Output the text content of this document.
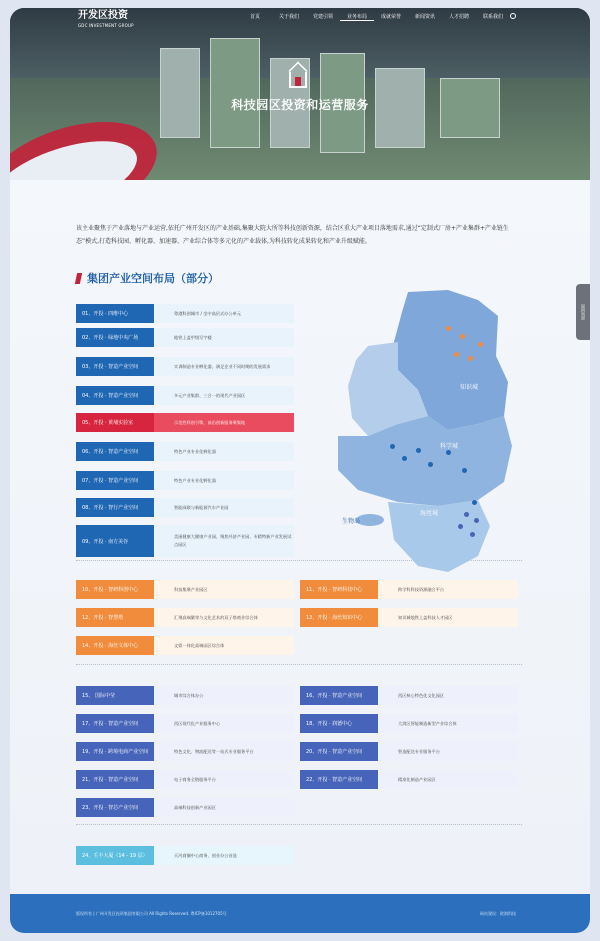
开发区投资
GDC INVESTMENT GROUP
首页	关于我们	党建引领	业务布局	成就荣誉	新闻资讯	人才招聘	联系我们
科技园区投资和运营服务

该主业聚焦于产业落地与产业运营,依托广州开发区的产业基础,集聚大院大所等科技创新资源，结合区重大产业项目落地需求,通过“定制式厂房+产业集群+产业链生态”模式,打造科技园、孵化器、加速器、产业综合体等多元化的产业载体,为科技转化成果转化和产业升级赋能。

集团产业空间布局（部分）
01、开投 · 四维中心	粤港科创城市 / 坐中高层式办公单元
02、开投 · 绿地中央广场	地铁上盖甲级写字楼
03、开投 · 智造产业空间	实训制造专业孵化器，满足企业不同时期的发展需求
04、开投 · 智造产业空间	多元产业集群、三合一的现代产业园区
05、开投 · 黄埔实验室	示范性科创引擎，前沿创新服务聚集地
06、开投 · 智造产业空间	特色产业专业化孵化器
07、开投 · 智造产业空间	特色产业专业化孵化器
08、开投 · 智行产业空间	智能网联与新能源汽车产业园
09、开投 · 南方美谷
美丽健康大健康产业园，聚焦经济产业园、专精特新产业发展试点园区
10、开投 · 智研科创中心	科技集聚产业园区	11、开投 · 智研科技中心	跨学科科技资源融合平台
12、开投 · 智慧塔	汇聚高端繁荣与文化艺术的双子塔商业综合体	13、开投 · 海丝知识中心	知识城地铁上盖科技人才园区
14、开投 · 海丝文体中心	文娱一体化高端园区综合体
15、 国际中莹	城市综合体办公	16、开投 · 智造产业空间	西区核心特色化文化园区
17、开投 · 智造产业空间	西区现代化产业服务中心	18、开投 · 润德中心	大湾区智能制造新型产业综合体
19、开投 · 跨境电商产业空间	特色文化、物流配送等一站式专业服务平台	20、开投 · 智造产业空间	智造配送专业服务平台
21、开投 · 智造产业空间	电子商务全链服务平台	22、开投 · 智造产业空间	精准化制造产业园区
23、开投 · 智芯产业空间	高端科技创新产业园区
24、壬丰大厦（14 - 19 层）	天河商圈中心商务、创业办公首选
知识城
科学城
海丝城
生物岛
返回顶部
版权所有 | 广州开发区投资集团有限公司 All Rights Reserved. 粤ICP备1012705号	网站建设：欧润科技
